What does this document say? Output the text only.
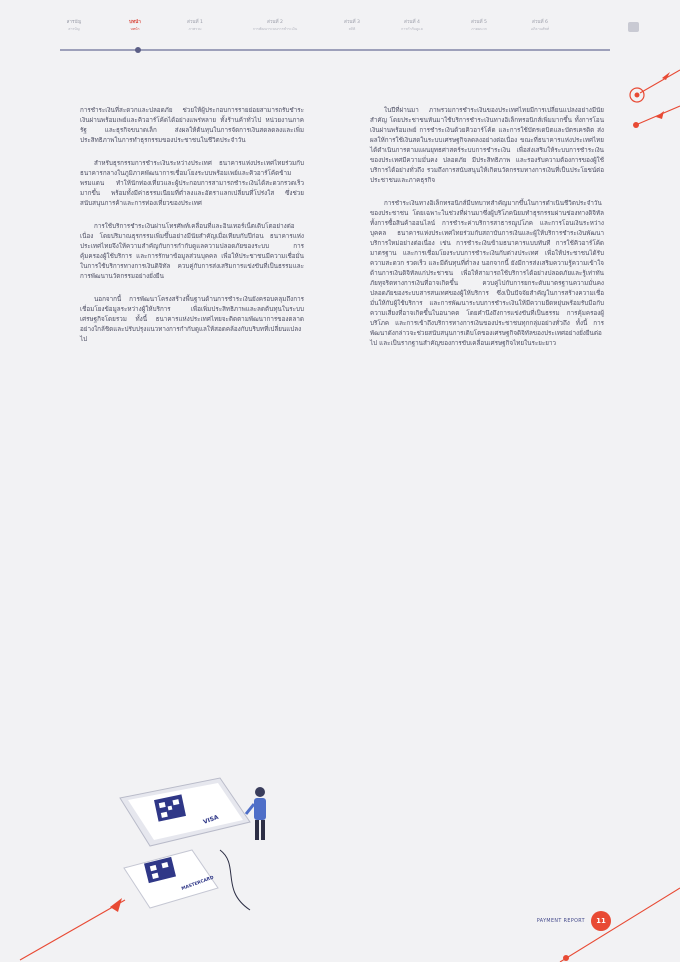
สารบัญ
สารบัญ
บทนำ
บทนำ
ส่วนที่ 1
ภาพรวม
ส่วนที่ 2
การพัฒนาระบบการชำระเงิน
ส่วนที่ 3
สถิติ
ส่วนที่ 4
การกำกับดูแล
ส่วนที่ 5
ภาคผนวก
ส่วนที่ 6
อภิธานศัพท์

การชำระเงินที่สะดวกและปลอดภัย ช่วยให้ผู้ประกอบการรายย่อยสามารถรับชำระเงินผ่านพร้อมเพย์และคิวอาร์โค้ดได้อย่างแพร่หลาย ทั้งร้านค้าทั่วไป หน่วยงานภาครัฐ และธุรกิจขนาดเล็ก ส่งผลให้ต้นทุนในการจัดการเงินสดลดลงและเพิ่มประสิทธิภาพในการทำธุรกรรมของประชาชนในชีวิตประจำวัน

สำหรับธุรกรรมการชำระเงินระหว่างประเทศ ธนาคารแห่งประเทศไทยร่วมกับธนาคารกลางในภูมิภาคพัฒนาการเชื่อมโยงระบบพร้อมเพย์และคิวอาร์โค้ดข้ามพรมแดน ทำให้นักท่องเที่ยวและผู้ประกอบการสามารถชำระเงินได้สะดวกรวดเร็วมากขึ้น พร้อมทั้งมีค่าธรรมเนียมที่ต่ำลงและอัตราแลกเปลี่ยนที่โปร่งใส ซึ่งช่วยสนับสนุนการค้าและการท่องเที่ยวของประเทศ

การใช้บริการชำระเงินผ่านโทรศัพท์เคลื่อนที่และอินเทอร์เน็ตเติบโตอย่างต่อเนื่อง โดยปริมาณธุรกรรมเพิ่มขึ้นอย่างมีนัยสำคัญเมื่อเทียบกับปีก่อน ธนาคารแห่งประเทศไทยจึงให้ความสำคัญกับการกำกับดูแลความปลอดภัยของระบบ การคุ้มครองผู้ใช้บริการ และการรักษาข้อมูลส่วนบุคคล เพื่อให้ประชาชนมีความเชื่อมั่นในการใช้บริการทางการเงินดิจิทัล ควบคู่กับการส่งเสริมการแข่งขันที่เป็นธรรมและการพัฒนานวัตกรรมอย่างยั่งยืน

นอกจากนี้ การพัฒนาโครงสร้างพื้นฐานด้านการชำระเงินยังครอบคลุมถึงการเชื่อมโยงข้อมูลระหว่างผู้ให้บริการ เพื่อเพิ่มประสิทธิภาพและลดต้นทุนในระบบเศรษฐกิจโดยรวม ทั้งนี้ ธนาคารแห่งประเทศไทยจะติดตามพัฒนาการของตลาดอย่างใกล้ชิดและปรับปรุงแนวทางการกำกับดูแลให้สอดคล้องกับบริบทที่เปลี่ยนแปลงไป

ในปีที่ผ่านมา ภาพรวมการชำระเงินของประเทศไทยมีการเปลี่ยนแปลงอย่างมีนัยสำคัญ โดยประชาชนหันมาใช้บริการชำระเงินทางอิเล็กทรอนิกส์เพิ่มมากขึ้น ทั้งการโอนเงินผ่านพร้อมเพย์ การชำระเงินด้วยคิวอาร์โค้ด และการใช้บัตรเดบิตและบัตรเครดิต ส่งผลให้การใช้เงินสดในระบบเศรษฐกิจลดลงอย่างต่อเนื่อง ขณะที่ธนาคารแห่งประเทศไทยได้ดำเนินการตามแผนยุทธศาสตร์ระบบการชำระเงิน เพื่อส่งเสริมให้ระบบการชำระเงินของประเทศมีความมั่นคง ปลอดภัย มีประสิทธิภาพ และรองรับความต้องการของผู้ใช้บริการได้อย่างทั่วถึง รวมถึงการสนับสนุนให้เกิดนวัตกรรมทางการเงินที่เป็นประโยชน์ต่อประชาชนและภาคธุรกิจ

การชำระเงินทางอิเล็กทรอนิกส์มีบทบาทสำคัญมากขึ้นในการดำเนินชีวิตประจำวันของประชาชน โดยเฉพาะในช่วงที่ผ่านมาซึ่งผู้บริโภคนิยมทำธุรกรรมผ่านช่องทางดิจิทัล ทั้งการซื้อสินค้าออนไลน์ การชำระค่าบริการสาธารณูปโภค และการโอนเงินระหว่างบุคคล ธนาคารแห่งประเทศไทยร่วมกับสถาบันการเงินและผู้ให้บริการชำระเงินพัฒนาบริการใหม่อย่างต่อเนื่อง เช่น การชำระเงินข้ามธนาคารแบบทันที การใช้คิวอาร์โค้ดมาตรฐาน และการเชื่อมโยงระบบการชำระเงินกับต่างประเทศ เพื่อให้ประชาชนได้รับความสะดวก รวดเร็ว และมีต้นทุนที่ต่ำลง นอกจากนี้ ยังมีการส่งเสริมความรู้ความเข้าใจด้านการเงินดิจิทัลแก่ประชาชน เพื่อให้สามารถใช้บริการได้อย่างปลอดภัยและรู้เท่าทันภัยทุจริตทางการเงินที่อาจเกิดขึ้น ควบคู่ไปกับการยกระดับมาตรฐานความมั่นคงปลอดภัยของระบบสารสนเทศของผู้ให้บริการ ซึ่งเป็นปัจจัยสำคัญในการสร้างความเชื่อมั่นให้กับผู้ใช้บริการ และการพัฒนาระบบการชำระเงินให้มีความยืดหยุ่นพร้อมรับมือกับความเสี่ยงที่อาจเกิดขึ้นในอนาคต โดยคำนึงถึงการแข่งขันที่เป็นธรรม การคุ้มครองผู้บริโภค และการเข้าถึงบริการทางการเงินของประชาชนทุกกลุ่มอย่างทั่วถึง ทั้งนี้ การพัฒนาดังกล่าวจะช่วยสนับสนุนการเติบโตของเศรษฐกิจดิจิทัลของประเทศอย่างยั่งยืนต่อไป และเป็นรากฐานสำคัญของการขับเคลื่อนเศรษฐกิจไทยในระยะยาว

VISA
MASTERCARD
PAYMENT REPORT	11
